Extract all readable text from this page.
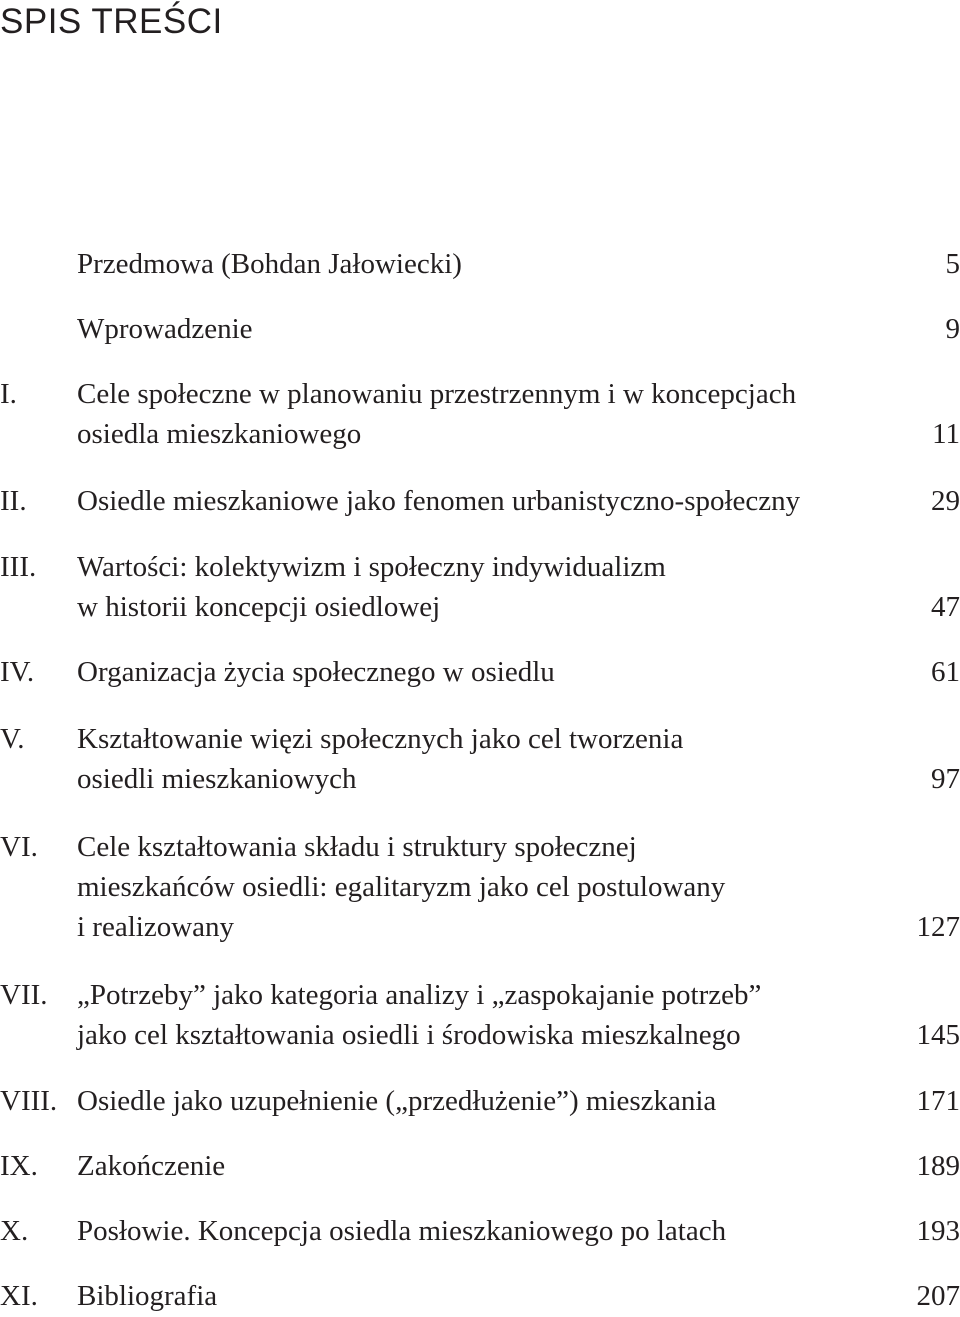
SPIS TREŚCI
Przedmowa (Bohdan Jałowiecki)	5
Wprowadzenie	9
I. Cele społeczne w planowaniu przestrzennym i w koncepcjach
osiedla mieszkaniowego	11
II. Osiedle mieszkaniowe jako fenomen urbanistyczno-społeczny	29
III. Wartości: kolektywizm i społeczny indywidualizm
w historii koncepcji osiedlowej	47
IV. Organizacja życia społecznego w osiedlu	61
V. Kształtowanie więzi społecznych jako cel tworzenia
osiedli mieszkaniowych	97
VI. Cele kształtowania składu i struktury społecznej
mieszkańców osiedli: egalitaryzm jako cel postulowany
i realizowany	127
VII. „Potrzeby” jako kategoria analizy i „zaspokajanie potrzeb”
jako cel kształtowania osiedli i środowiska mieszkalnego	145
VIII. Osiedle jako uzupełnienie („przedłużenie”) mieszkania	171
IX. Zakończenie	189
X. Posłowie. Koncepcja osiedla mieszkaniowego po latach	193
XI. Bibliografia	207
